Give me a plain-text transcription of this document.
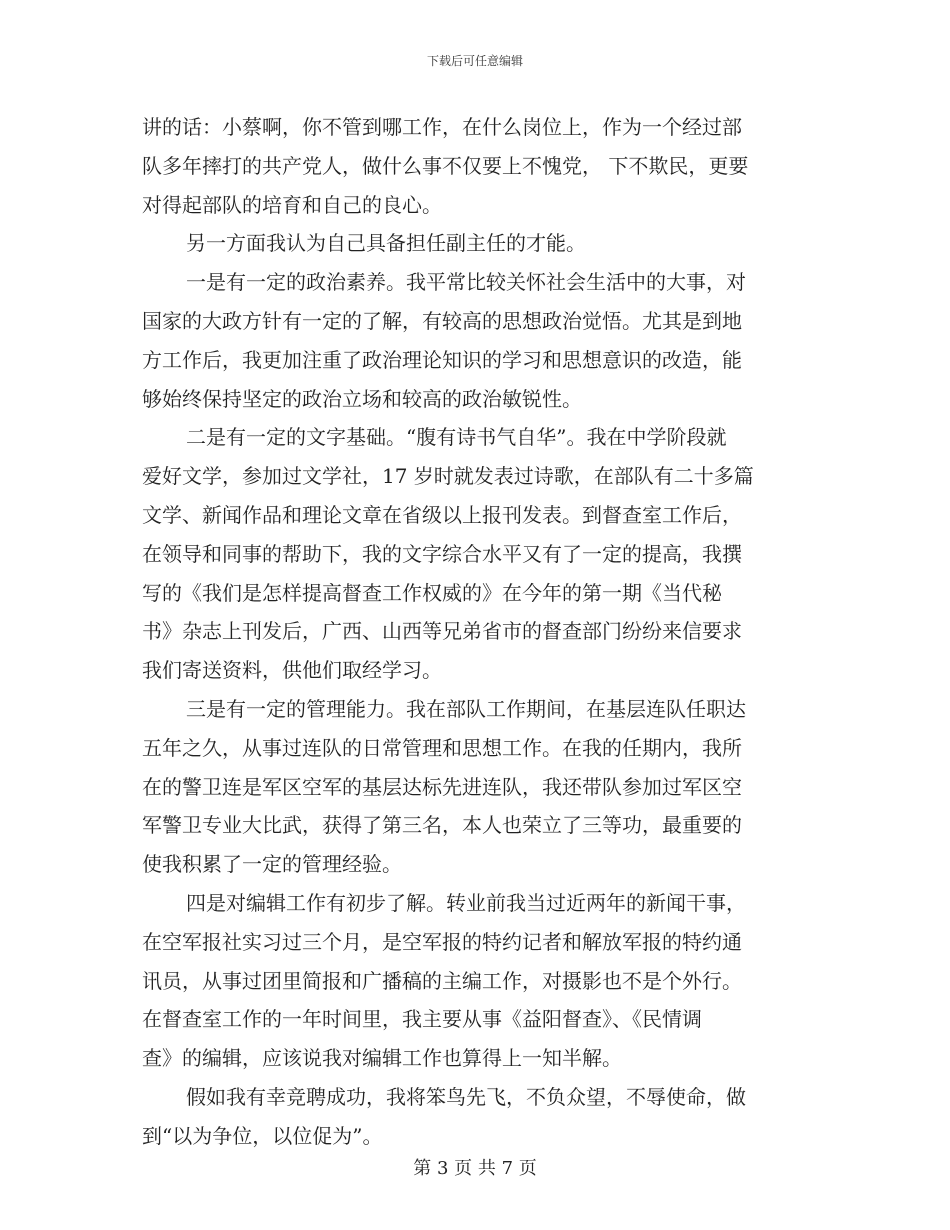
下载后可任意编辑
讲的话：小蔡啊，你不管到哪工作，在什么岗位上，作为一个经过部
队多年摔打的共产党人，做什么事不仅要上不愧党， 下不欺民，更要
对得起部队的培育和自己的良心。
另一方面我认为自己具备担任副主任的才能。
一是有一定的政治素养。我平常比较关怀社会生活中的大事，对
国家的大政方针有一定的了解，有较高的思想政治觉悟。尤其是到地
方工作后，我更加注重了政治理论知识的学习和思想意识的改造，能
够始终保持坚定的政治立场和较高的政治敏锐性。
二是有一定的文字基础。“腹有诗书气自华”。我在中学阶段就
爱好文学，参加过文学社，17 岁时就发表过诗歌，在部队有二十多篇
文学、新闻作品和理论文章在省级以上报刊发表。到督查室工作后，
在领导和同事的帮助下，我的文字综合水平又有了一定的提高，我撰
写的《我们是怎样提高督查工作权威的》在今年的第一期《当代秘
书》杂志上刊发后，广西、山西等兄弟省市的督查部门纷纷来信要求
我们寄送资料，供他们取经学习。
三是有一定的管理能力。我在部队工作期间，在基层连队任职达
五年之久，从事过连队的日常管理和思想工作。在我的任期内，我所
在的警卫连是军区空军的基层达标先进连队，我还带队参加过军区空
军警卫专业大比武，获得了第三名，本人也荣立了三等功，最重要的
使我积累了一定的管理经验。
四是对编辑工作有初步了解。转业前我当过近两年的新闻干事，
在空军报社实习过三个月，是空军报的特约记者和解放军报的特约通
讯员，从事过团里简报和广播稿的主编工作，对摄影也不是个外行。
在督查室工作的一年时间里，我主要从事《益阳督查》、《民情调
查》的编辑，应该说我对编辑工作也算得上一知半解。
假如我有幸竞聘成功，我将笨鸟先飞，不负众望，不辱使命，做
到“以为争位，以位促为”。
第 3 页 共 7 页
